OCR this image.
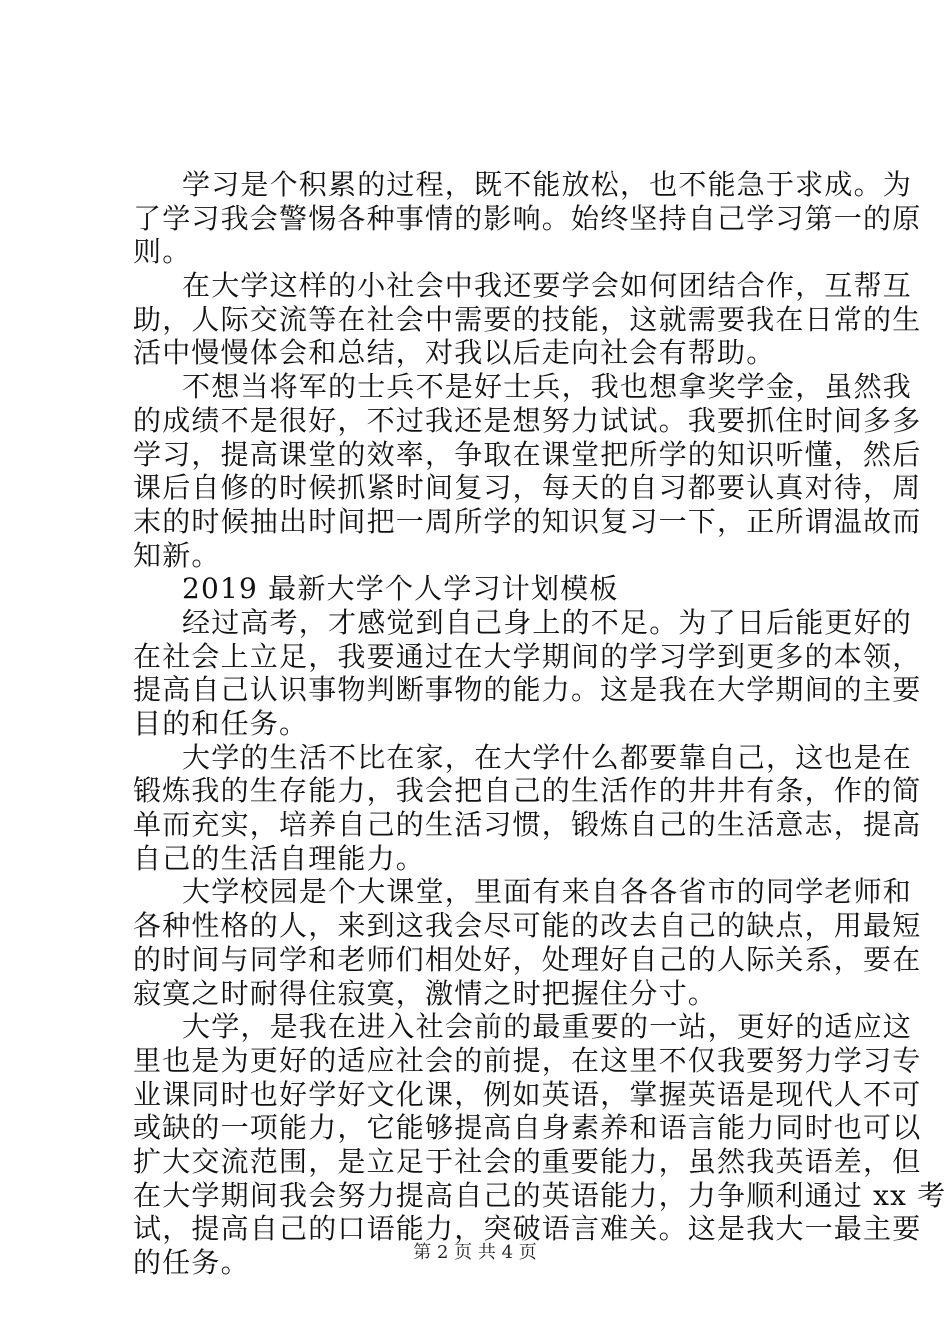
学习是个积累的过程，既不能放松，也不能急于求成。为
了学习我会警惕各种事情的影响。始终坚持自己学习第一的原
则。
在大学这样的小社会中我还要学会如何团结合作，互帮互
助，人际交流等在社会中需要的技能，这就需要我在日常的生
活中慢慢体会和总结，对我以后走向社会有帮助。
不想当将军的士兵不是好士兵，我也想拿奖学金，虽然我
的成绩不是很好，不过我还是想努力试试。我要抓住时间多多
学习，提高课堂的效率，争取在课堂把所学的知识听懂，然后
课后自修的时候抓紧时间复习，每天的自习都要认真对待，周
末的时候抽出时间把一周所学的知识复习一下，正所谓温故而
知新。
2019 最新大学个人学习计划模板
经过高考，才感觉到自己身上的不足。为了日后能更好的
在社会上立足，我要通过在大学期间的学习学到更多的本领，
提高自己认识事物判断事物的能力。这是我在大学期间的主要
目的和任务。
大学的生活不比在家，在大学什么都要靠自己，这也是在
锻炼我的生存能力，我会把自己的生活作的井井有条，作的简
单而充实，培养自己的生活习惯，锻炼自己的生活意志，提高
自己的生活自理能力。
大学校园是个大课堂，里面有来自各各省市的同学老师和
各种性格的人，来到这我会尽可能的改去自己的缺点，用最短
的时间与同学和老师们相处好，处理好自己的人际关系，要在
寂寞之时耐得住寂寞，激情之时把握住分寸。
大学，是我在进入社会前的最重要的一站，更好的适应这
里也是为更好的适应社会的前提，在这里不仅我要努力学习专
业课同时也好学好文化课，例如英语，掌握英语是现代人不可
或缺的一项能力，它能够提高自身素养和语言能力同时也可以
扩大交流范围，是立足于社会的重要能力，虽然我英语差，但
在大学期间我会努力提高自己的英语能力，力争顺利通过 xx 考
试，提高自己的口语能力，突破语言难关。这是我大一最主要
的任务。	第 2 页 共 4 页
